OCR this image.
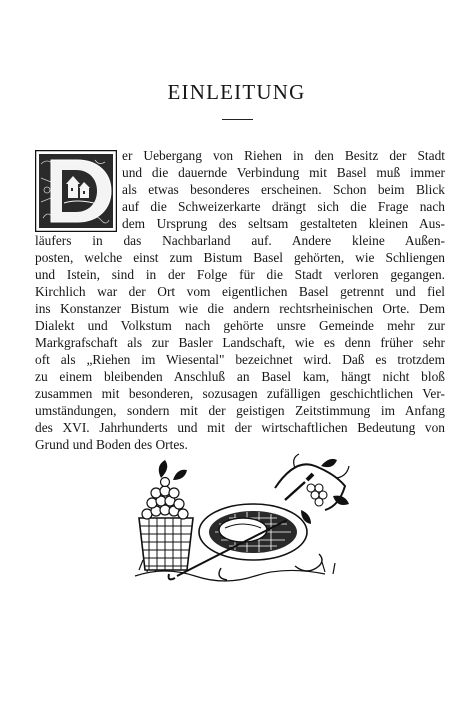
EINLEITUNG
er Uebergang von Riehen in den Besitz der Stadt
und die dauernde Verbindung mit Basel muß immer
als etwas besonderes erscheinen. Schon beim Blick
auf die Schweizerkarte drängt sich die Frage nach
dem Ursprung des seltsam gestalteten kleinen Aus-
läufers in das Nachbarland auf. Andere kleine Außen-
posten, welche einst zum Bistum Basel gehörten, wie Schliengen
und Istein, sind in der Folge für die Stadt verloren gegangen.
Kirchlich war der Ort vom eigentlichen Basel getrennt und fiel
ins Konstanzer Bistum wie die andern rechtsrheinischen Orte. Dem
Dialekt und Volkstum nach gehörte unsre Gemeinde mehr zur
Markgrafschaft als zur Basler Landschaft, wie es denn früher sehr
oft als „Riehen im Wiesental" bezeichnet wird. Daß es trotzdem
zu einem bleibenden Anschluß an Basel kam, hängt nicht bloß
zusammen mit besonderen, sozusagen zufälligen geschichtlichen Ver-
umständungen, sondern mit der geistigen Zeitstimmung im Anfang
des XVI. Jahrhunderts und mit der wirtschaftlichen Bedeutung von
Grund und Boden des Ortes.
